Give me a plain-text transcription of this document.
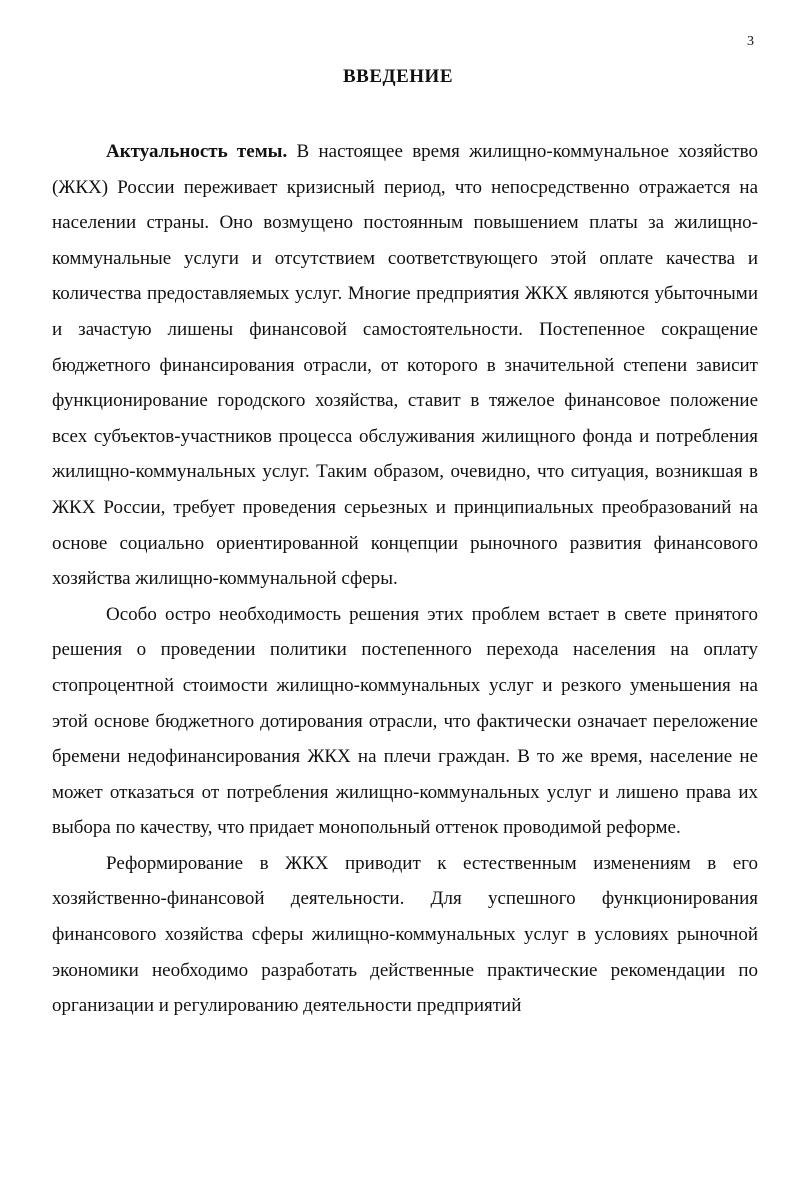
3
ВВЕДЕНИЕ

Актуальность темы. В настоящее время жилищно-коммунальное хозяйство (ЖКХ) России переживает кризисный период, что непосредственно отражается на населении страны. Оно возмущено постоянным повышением платы за жилищно-коммунальные услуги и отсутствием соответствующего этой оплате качества и количества предоставляемых услуг. Многие предприятия ЖКХ являются убыточными и зачастую лишены финансовой самостоятельности. Постепенное сокращение бюджетного финансирования отрасли, от которого в значительной степени зависит функционирование городского хозяйства, ставит в тяжелое финансовое положение всех субъектов-участников процесса обслуживания жилищного фонда и потребления жилищно-коммунальных услуг. Таким образом, очевидно, что ситуация, возникшая в ЖКХ России, требует проведения серьезных и принципиальных преобразований на основе социально ориентированной концепции рыночного развития финансового хозяйства жилищно-коммунальной сферы.

Особо остро необходимость решения этих проблем встает в свете принятого решения о проведении политики постепенного перехода населения на оплату стопроцентной стоимости жилищно-коммунальных услуг и резкого уменьшения на этой основе бюджетного дотирования отрасли, что фактически означает переложение бремени недофинансирования ЖКХ на плечи граждан. В то же время, население не может отказаться от потребления жилищно-коммунальных услуг и лишено права их выбора по качеству, что придает монопольный оттенок проводимой реформе.

Реформирование в ЖКХ приводит к естественным изменениям в его хозяйственно-финансовой деятельности. Для успешного функционирования финансового хозяйства сферы жилищно-коммунальных услуг в условиях рыночной экономики необходимо разработать действенные практические рекомендации по организации и регулированию деятельности предприятий
